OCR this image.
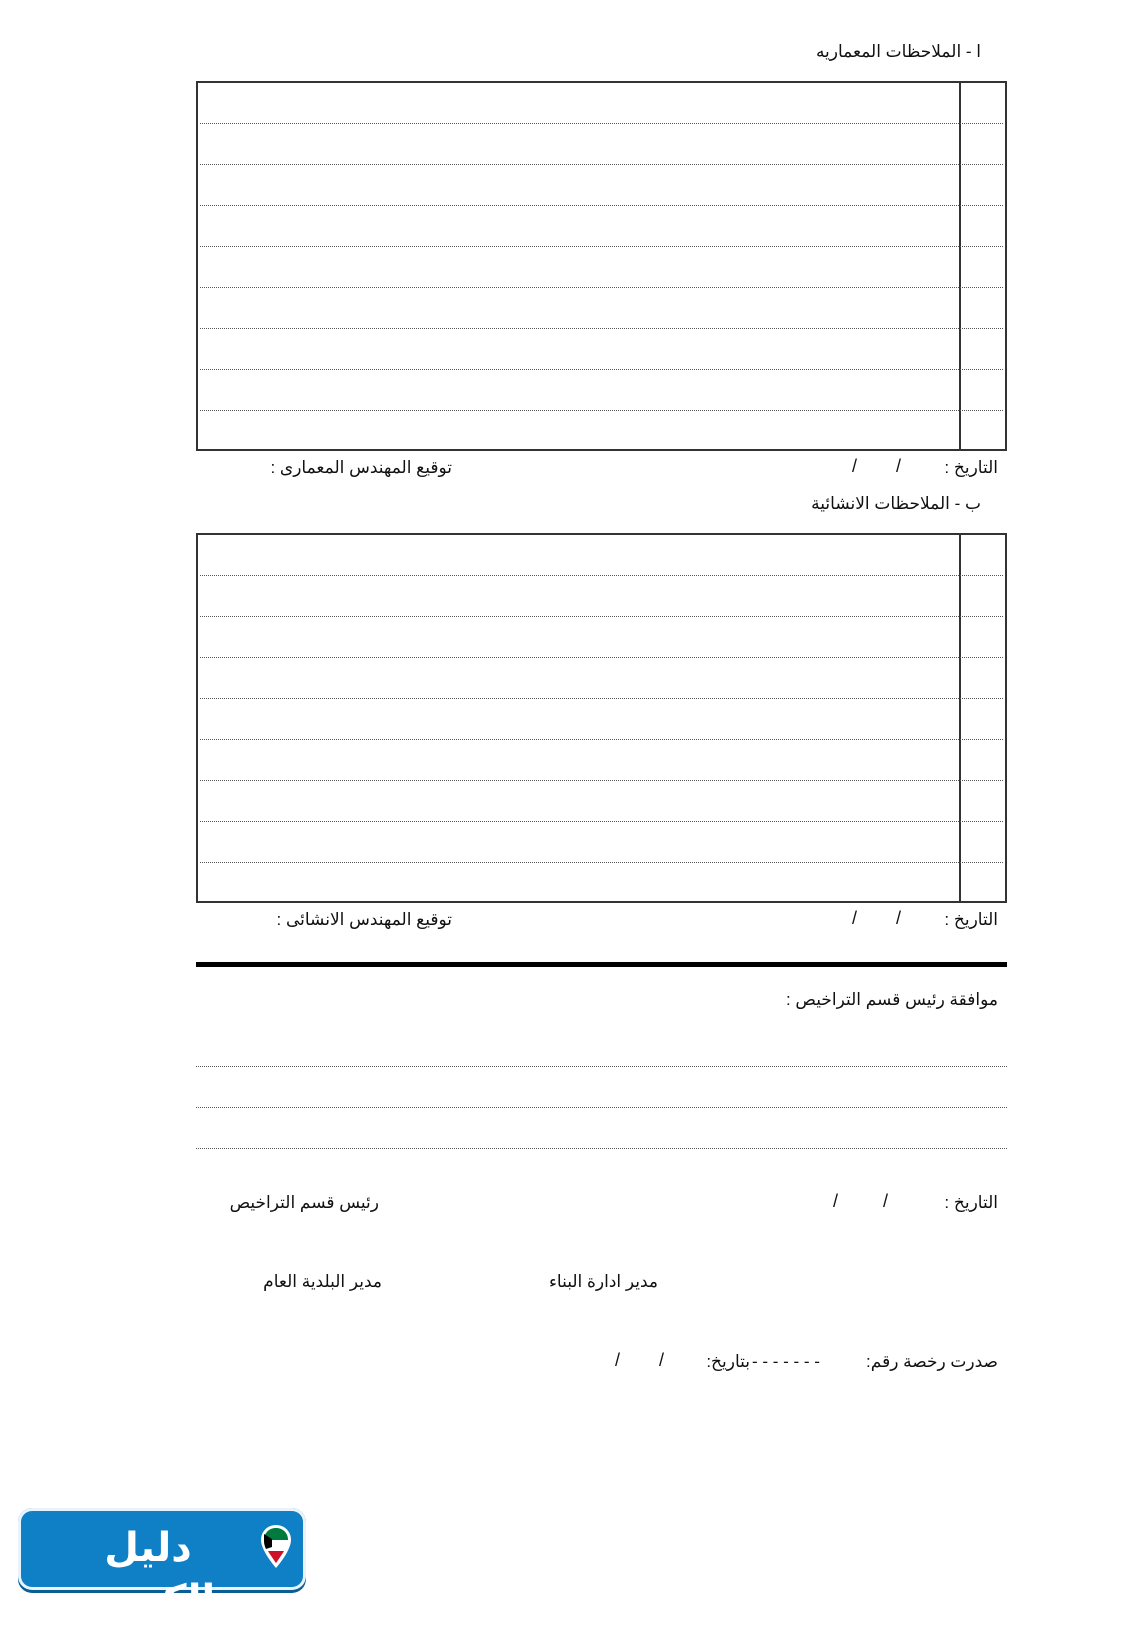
ا - الملاحظات المعماريه
التاريخ :
/
/
توقيع المهندس المعمارى :
ب - الملاحظات الانشائية
التاريخ :
/
/
توقيع المهندس الانشائى :
موافقة رئيس قسم التراخيص :
التاريخ :
/
/
رئيس قسم التراخيص
مدير ادارة البناء
مدير البلدية العام
صدرت رخصة رقم:
- - - - - - -
بتاريخ:
/
/
دليل الكويت
